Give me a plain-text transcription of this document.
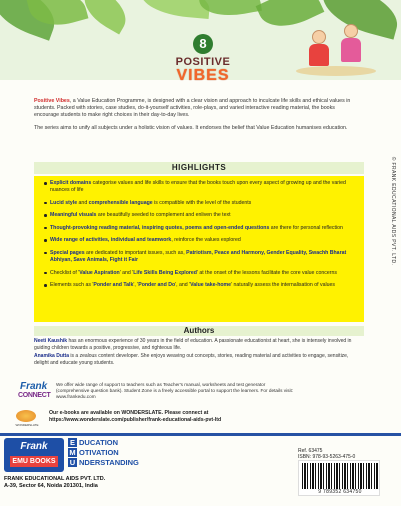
8
POSITIVE
VIBES

Positive Vibes, a Value Education Programme, is designed with a clear vision and approach to inculcate life skills and ethical values in students. Packed with stories, case studies, do-it-yourself activities, role-plays, and varied interactive reading material, the books encourage students to make right choices in their day-to-day lives.

The series aims to unify all subjects under a holistic vision of values. It endorses the belief that Value Education humanises education.

© FRANK EDUCATIONAL AIDS PVT. LTD.
HIGHLIGHTS
Explicit domains categorise values and life skills to ensure that the books touch upon every aspect of growing up and the varied nuances of life
Lucid style and comprehensible language is compatible with the level of the students
Meaningful visuals are beautifully seeded to complement and enliven the text
Thought-provoking reading material, inspiring quotes, poems and open-ended questions are there for personal reflection
Wide range of activities, individual and teamwork, reinforce the values explored
Special pages are dedicated to important issues, such as, Patriotism, Peace and Harmony, Gender Equality, Swachh Bharat Abhiyan, Save Animals, Fight it Fair
Checklist of 'Value Aspiration' and 'Life Skills Being Explored' at the onset of the lessons facilitate the core value concerns
Elements such as 'Ponder and Talk', 'Ponder and Do', and 'Value take-home' naturally assess the internalisation of values
Authors

Neeti Kaushik has an enormous experience of 30 years in the field of education. A passionate educationist at heart, she is intensely involved in guiding children towards a positive, progressive, and righteous life.

Anamika Dutta is a zealous content developer. She enjoys weaving out concepts, stories, reading material and activities to engage, sensitize, delight and educate young students.

Frank
CONNECT
We offer wide range of support to teachers such as Teacher's manual, worksheets and test generator (comprehensive question bank). Student Zone is a freely accessible portal to support the learners. For details visit: www.frankedu.com
WONDERSLATE
Our e-books are available on WONDERSLATE. Please connect at
https://www.wonderslate.com/publisher/frank-educational-aids-pvt-ltd
Frank
EMU BOOKS
E DUCATION
M OTIVATION
U NDERSTANDING
FRANK EDUCATIONAL AIDS PVT. LTD.
A-39, Sector 64, Noida 201301, India
Ref. 63475
ISBN: 978-93-5263-475-0
9 789352 634750
